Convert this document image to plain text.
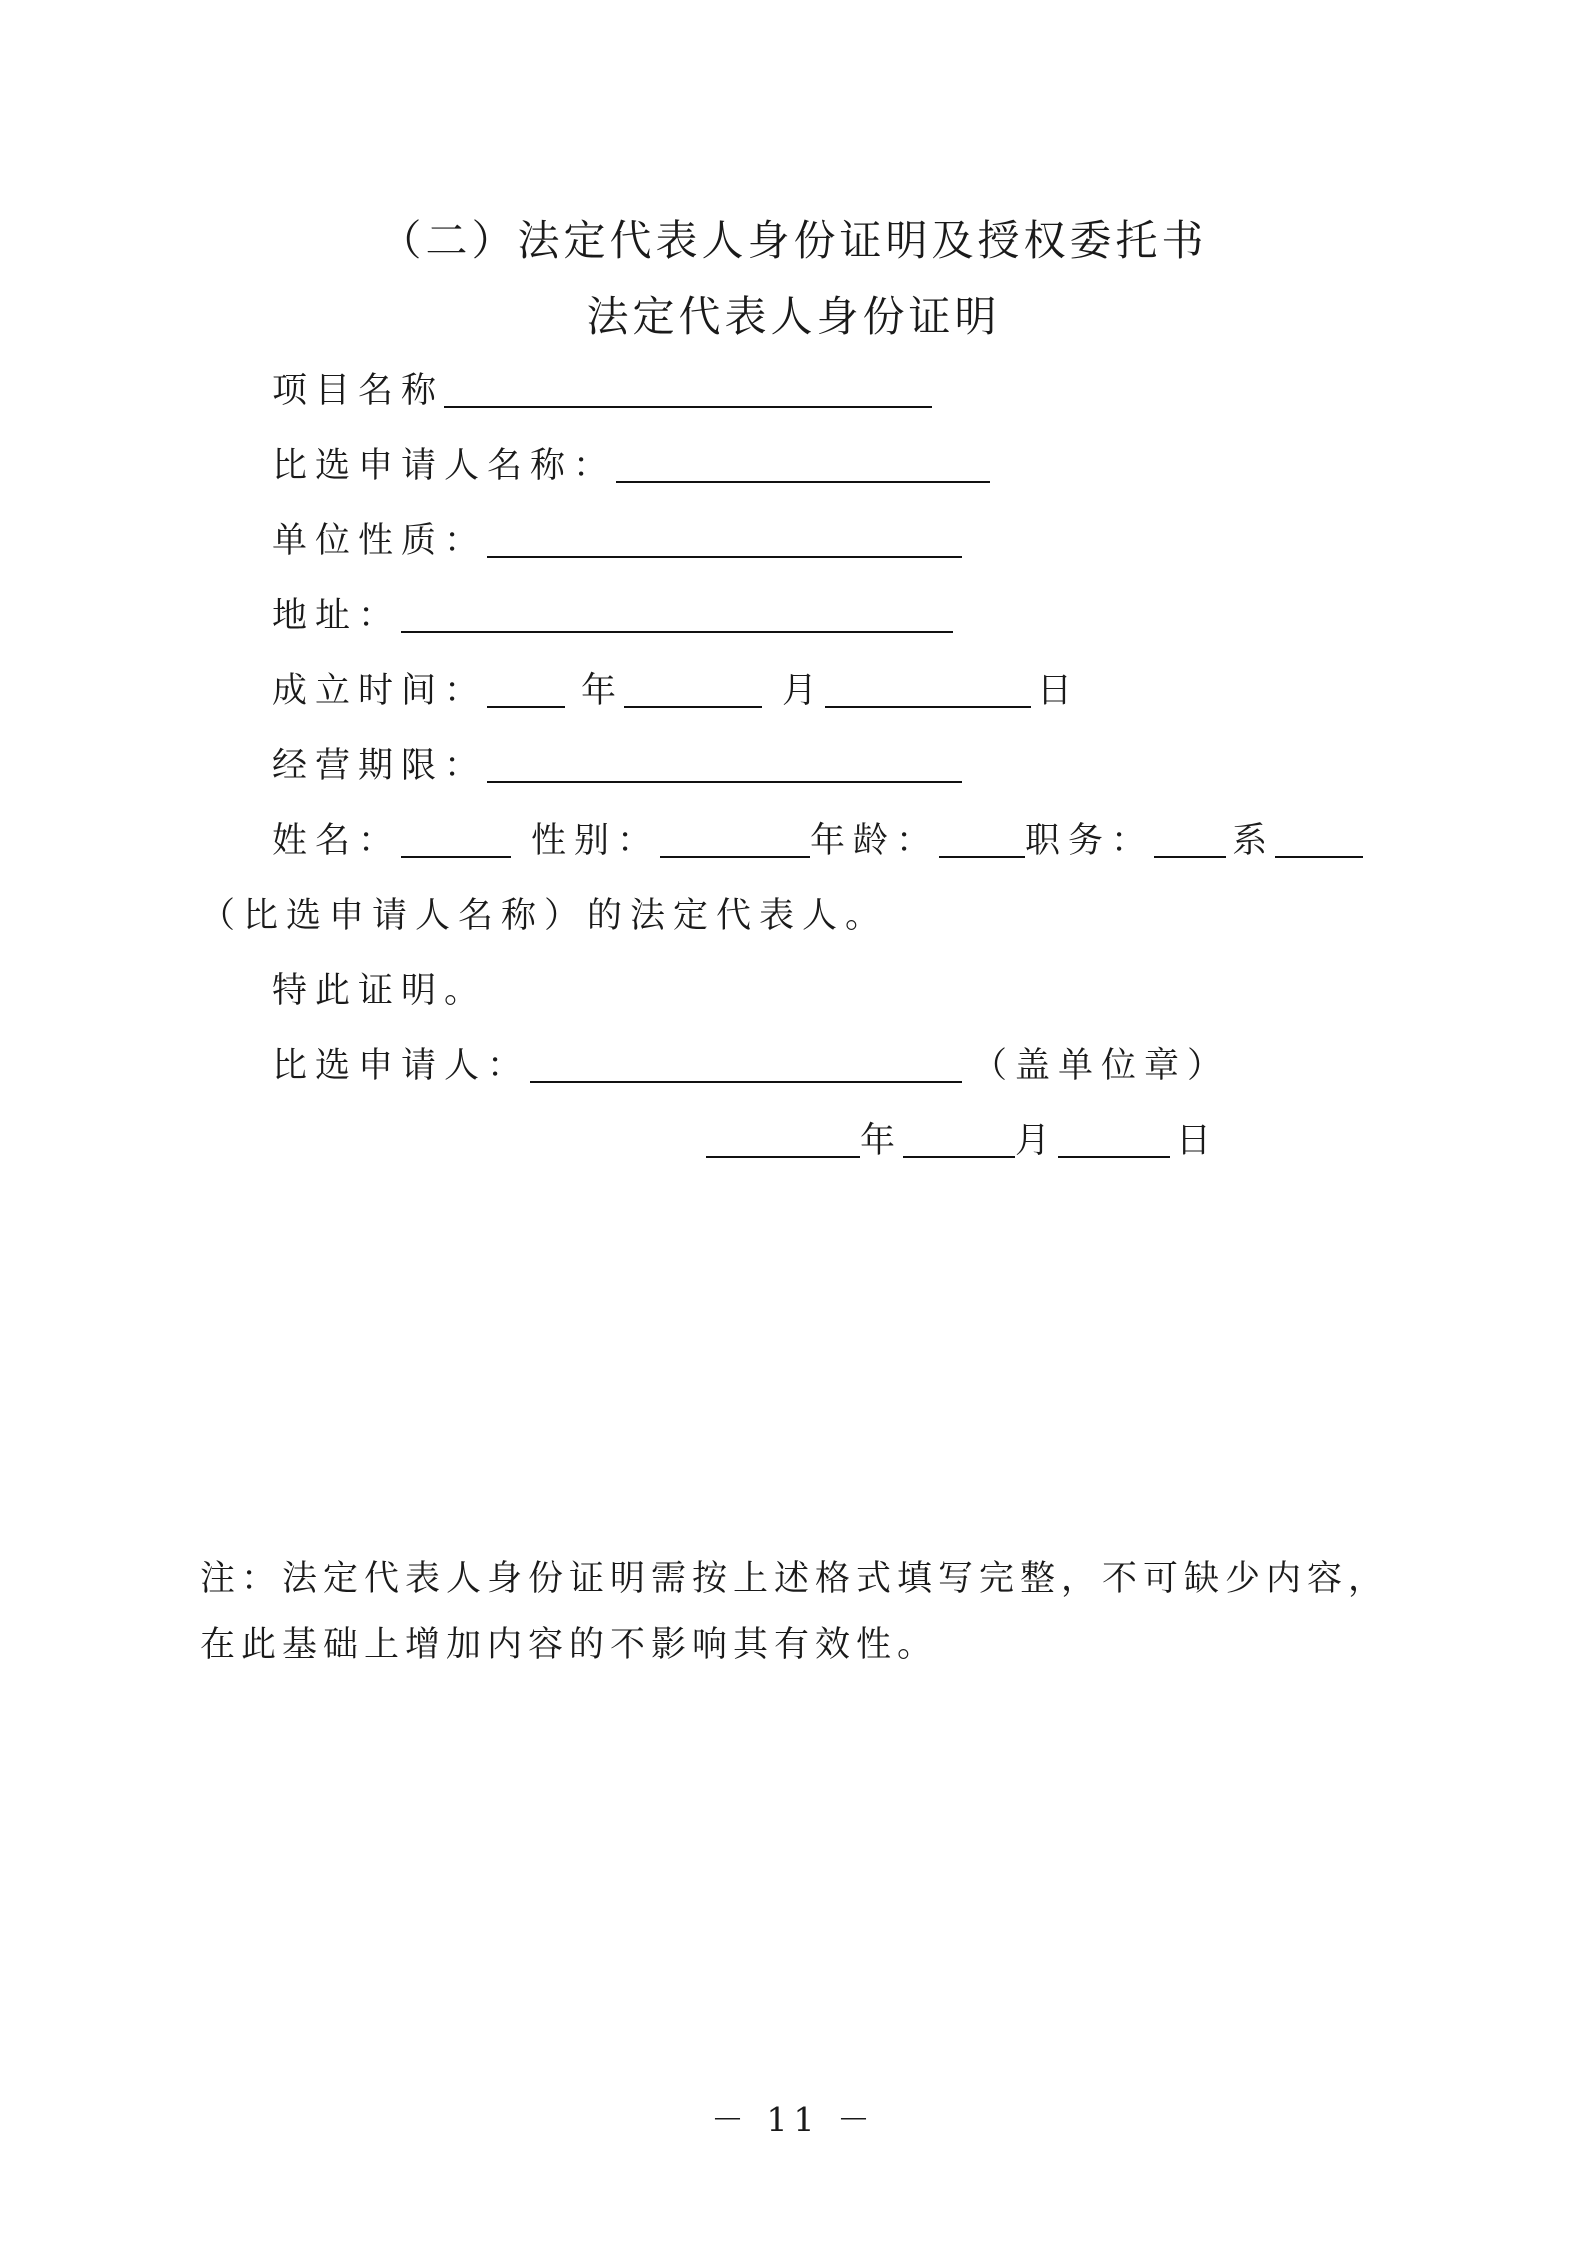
（二）法定代表人身份证明及授权委托书
法定代表人身份证明
项目名称
比选申请人名称：
单位性质：
地址：
成立时间：	年	月	日
经营期限：
姓名：	性别：	年龄： 职务： 系
（比选申请人名称）的法定代表人。
特此证明。
比选申请人：	（盖单位章）
年	月	日
注：法定代表人身份证明需按上述格式填写完整，不可缺少内容，在此基础上增加内容的不影响其有效性。
－ 11 －
